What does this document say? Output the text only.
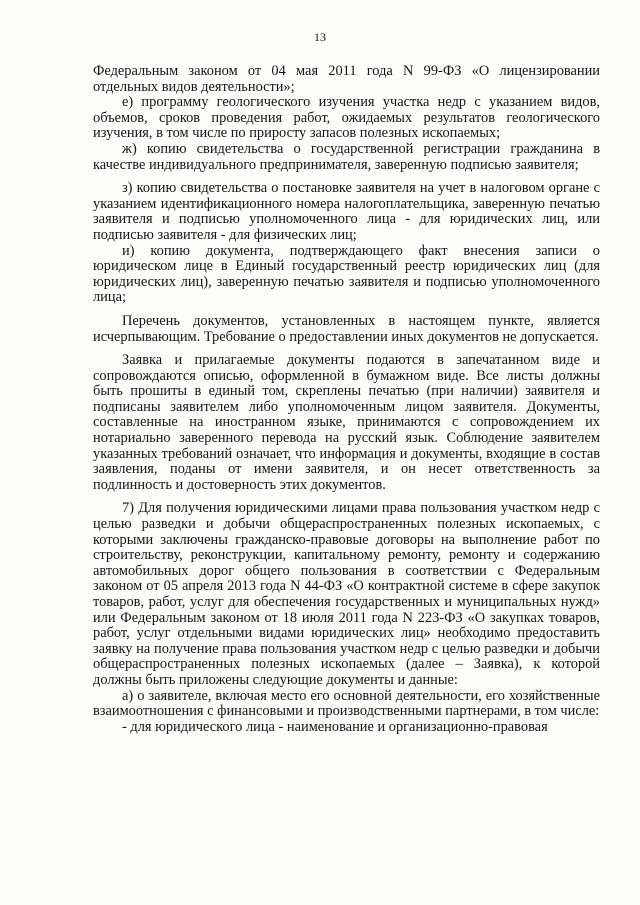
13

Федеральным законом от 04 мая 2011 года N 99-ФЗ «О лицензировании отдельных видов деятельности»;

е) программу геологического изучения участка недр с указанием видов, объемов, сроков проведения работ, ожидаемых результатов геологического изучения, в том числе по приросту запасов полезных ископаемых;

ж) копию свидетельства о государственной регистрации гражданина в качестве индивидуального предпринимателя, заверенную подписью заявителя;

з) копию свидетельства о постановке заявителя на учет в налоговом органе с указанием идентификационного номера налогоплательщика, заверенную печатью заявителя и подписью уполномоченного лица - для юридических лиц, или подписью заявителя - для физических лиц;

и) копию документа, подтверждающего факт внесения записи о юридическом лице в Единый государственный реестр юридических лиц (для юридических лиц), заверенную печатью заявителя и подписью уполномоченного лица;

Перечень документов, установленных в настоящем пункте, является исчерпывающим. Требование о предоставлении иных документов не допускается.

Заявка и прилагаемые документы подаются в запечатанном виде и сопровождаются описью, оформленной в бумажном виде. Все листы должны быть прошиты в единый том, скреплены печатью (при наличии) заявителя и подписаны заявителем либо уполномоченным лицом заявителя. Документы, составленные на иностранном языке, принимаются с сопровождением их нотариально заверенного перевода на русский язык. Соблюдение заявителем указанных требований означает, что информация и документы, входящие в состав заявления, поданы от имени заявителя, и он несет ответственность за подлинность и достоверность этих документов.

7) Для получения юридическими лицами права пользования участком недр с целью разведки и добычи общераспространенных полезных ископаемых, с которыми заключены гражданско-правовые договоры на выполнение работ по строительству, реконструкции, капитальному ремонту, ремонту и содержанию автомобильных дорог общего пользования в соответствии с Федеральным законом от 05 апреля 2013 года N 44-ФЗ «О контрактной системе в сфере закупок товаров, работ, услуг для обеспечения государственных и муниципальных нужд» или Федеральным законом от 18 июля 2011 года N 223-ФЗ «О закупках товаров, работ, услуг отдельными видами юридических лиц» необходимо предоставить заявку на получение права пользования участком недр с целью разведки и добычи общераспространенных полезных ископаемых (далее – Заявка), к которой должны быть приложены следующие документы и данные:

а) о заявителе, включая место его основной деятельности, его хозяйственные взаимоотношения с финансовыми и производственными партнерами, в том числе:

- для юридического лица - наименование и организационно-правовая
